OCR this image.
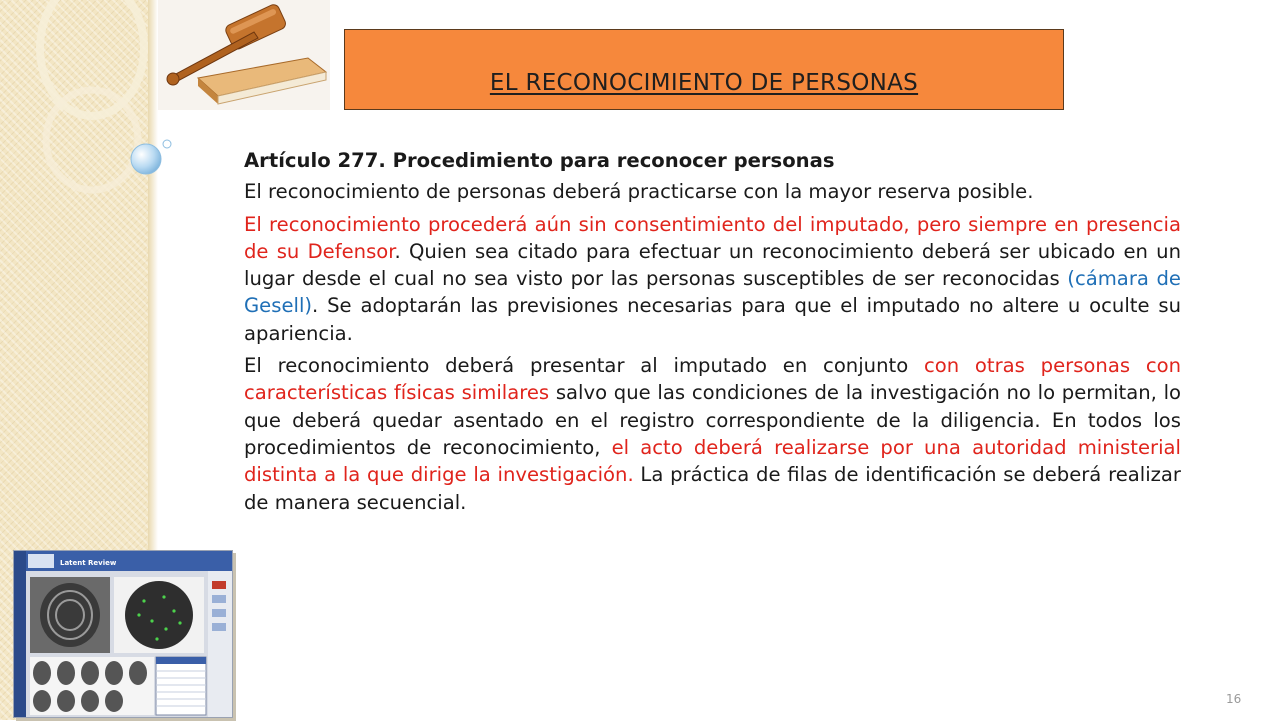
EL RECONOCIMIENTO DE PERSONAS
Artículo 277. Procedimiento para reconocer personas
El reconocimiento de personas deberá practicarse con la mayor reserva posible.
El reconocimiento procederá aún sin consentimiento del imputado, pero siempre en presencia de su Defensor. Quien sea citado para efectuar un reconocimiento deberá ser ubicado en un lugar desde el cual no sea visto por las personas susceptibles de ser reconocidas (cámara de Gesell). Se adoptarán las previsiones necesarias para que el imputado no altere u oculte su apariencia.
El reconocimiento deberá presentar al imputado en conjunto con otras personas con características físicas similares salvo que las condiciones de la investigación no lo permitan, lo que deberá quedar asentado en el registro correspondiente de la diligencia. En todos los procedimientos de reconocimiento, el acto deberá realizarse por una autoridad ministerial distinta a la que dirige la investigación. La práctica de filas de identificación se deberá realizar de manera secuencial.
Latent Review
16
